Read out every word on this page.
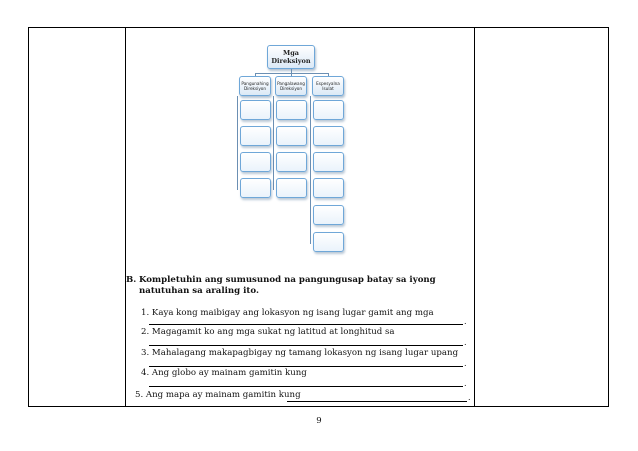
Mga Direksiyon
Pangunahing Direksiyon
Pangalawang Direksiyon
Espesyalna Isulat
B. Kompletuhin ang sumusunod na pangungusap batay sa iyong natutuhan sa araling ito.
1. Kaya kong maibigay ang lokasyon ng isang lugar gamit ang mga
.
2. Magagamit ko ang mga sukat ng latitud at longhitud sa
.
3. Mahalagang makapagbigay ng tamang lokasyon ng isang lugar upang
.
4. Ang globo ay mainam gamitin kung
.
5. Ang mapa ay mainam gamitin kung	.
9
